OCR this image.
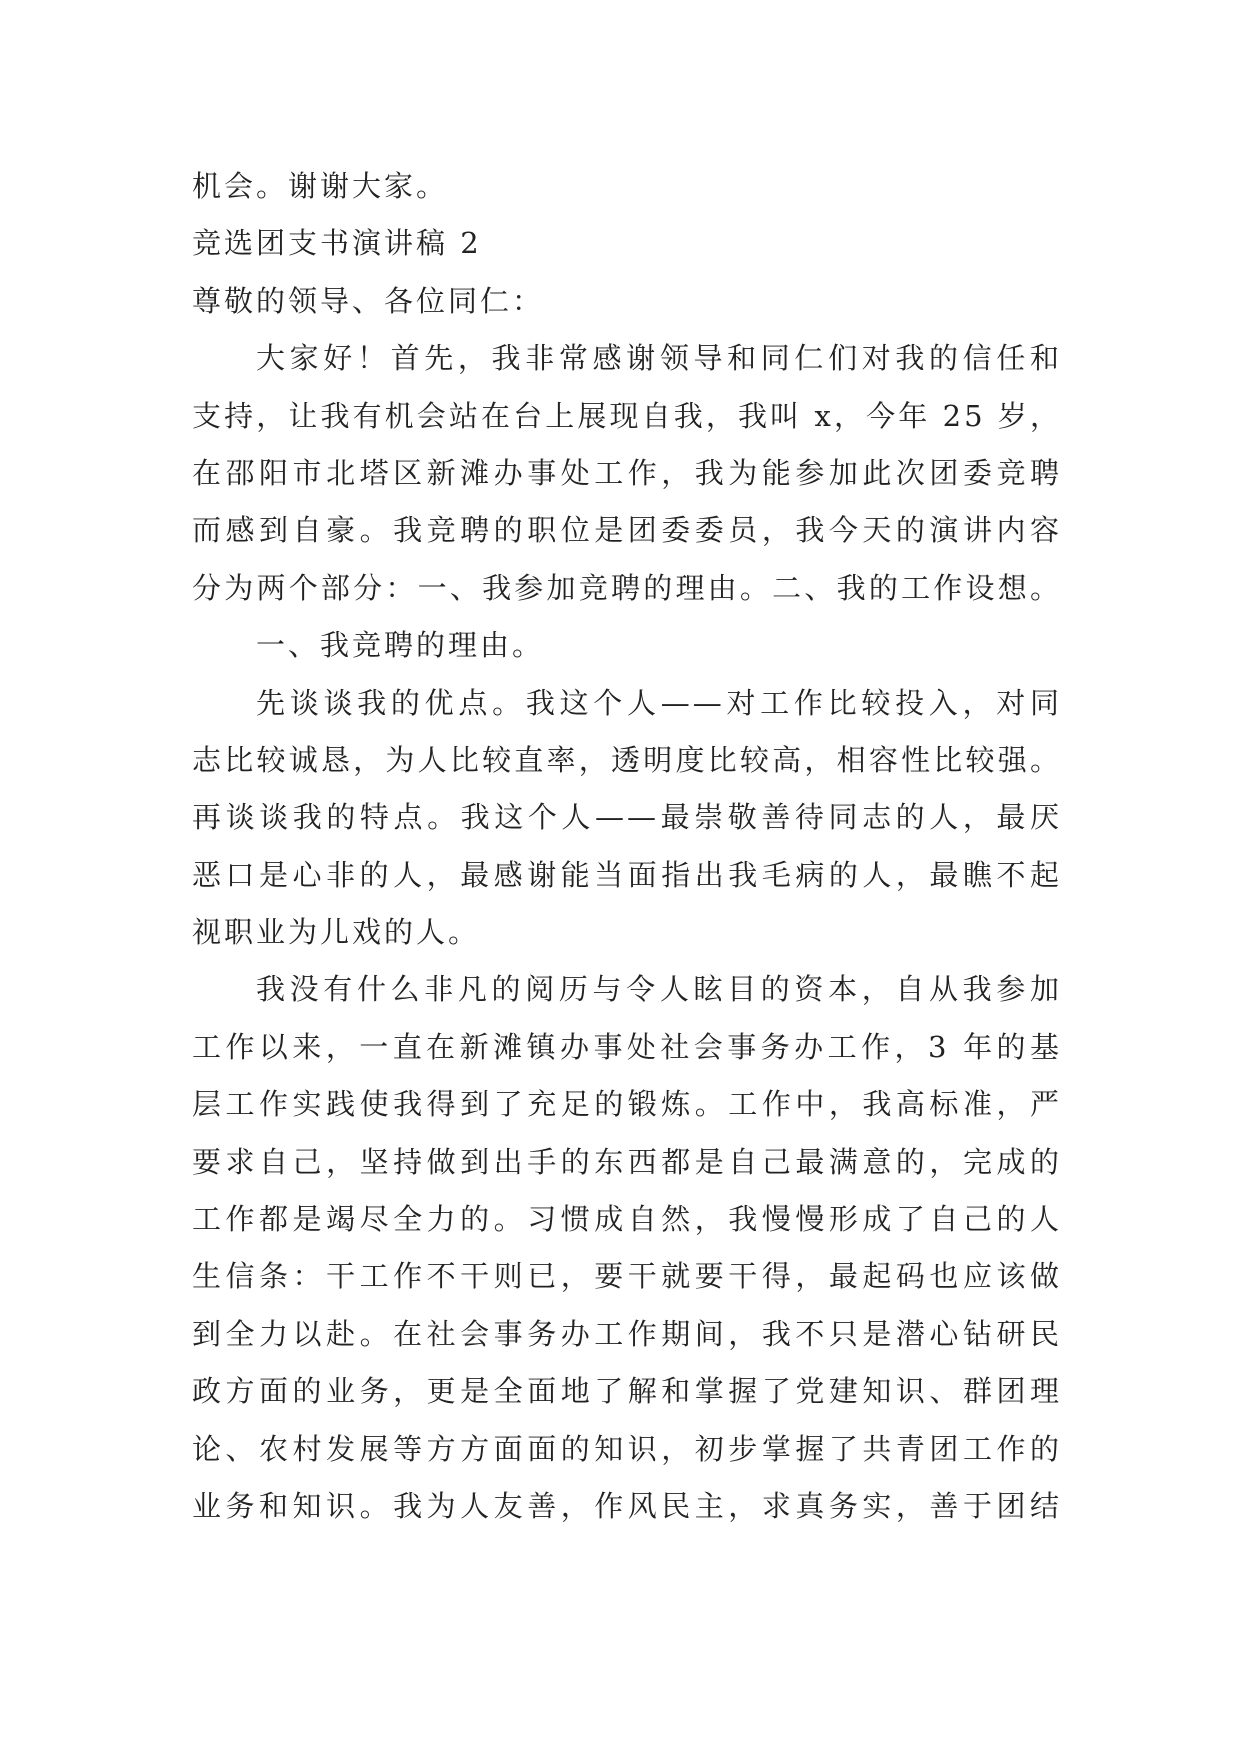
机会。谢谢大家。
竞选团支书演讲稿 2
尊敬的领导、各位同仁：
大家好！首先，我非常感谢领导和同仁们对我的信任和
支持，让我有机会站在台上展现自我，我叫 x，今年 25 岁，
在邵阳市北塔区新滩办事处工作，我为能参加此次团委竞聘
而感到自豪。我竞聘的职位是团委委员，我今天的演讲内容
分为两个部分：一、我参加竞聘的理由。二、我的工作设想。
一、我竞聘的理由。
先谈谈我的优点。我这个人——对工作比较投入，对同
志比较诚恳，为人比较直率，透明度比较高，相容性比较强。
再谈谈我的特点。我这个人——最崇敬善待同志的人，最厌
恶口是心非的人，最感谢能当面指出我毛病的人，最瞧不起
视职业为儿戏的人。
我没有什么非凡的阅历与令人眩目的资本，自从我参加
工作以来，一直在新滩镇办事处社会事务办工作，3 年的基
层工作实践使我得到了充足的锻炼。工作中，我高标准，严
要求自己，坚持做到出手的东西都是自己最满意的，完成的
工作都是竭尽全力的。习惯成自然，我慢慢形成了自己的人
生信条：干工作不干则已，要干就要干得，最起码也应该做
到全力以赴。在社会事务办工作期间，我不只是潜心钻研民
政方面的业务，更是全面地了解和掌握了党建知识、群团理
论、农村发展等方方面面的知识，初步掌握了共青团工作的
业务和知识。我为人友善，作风民主，求真务实，善于团结
